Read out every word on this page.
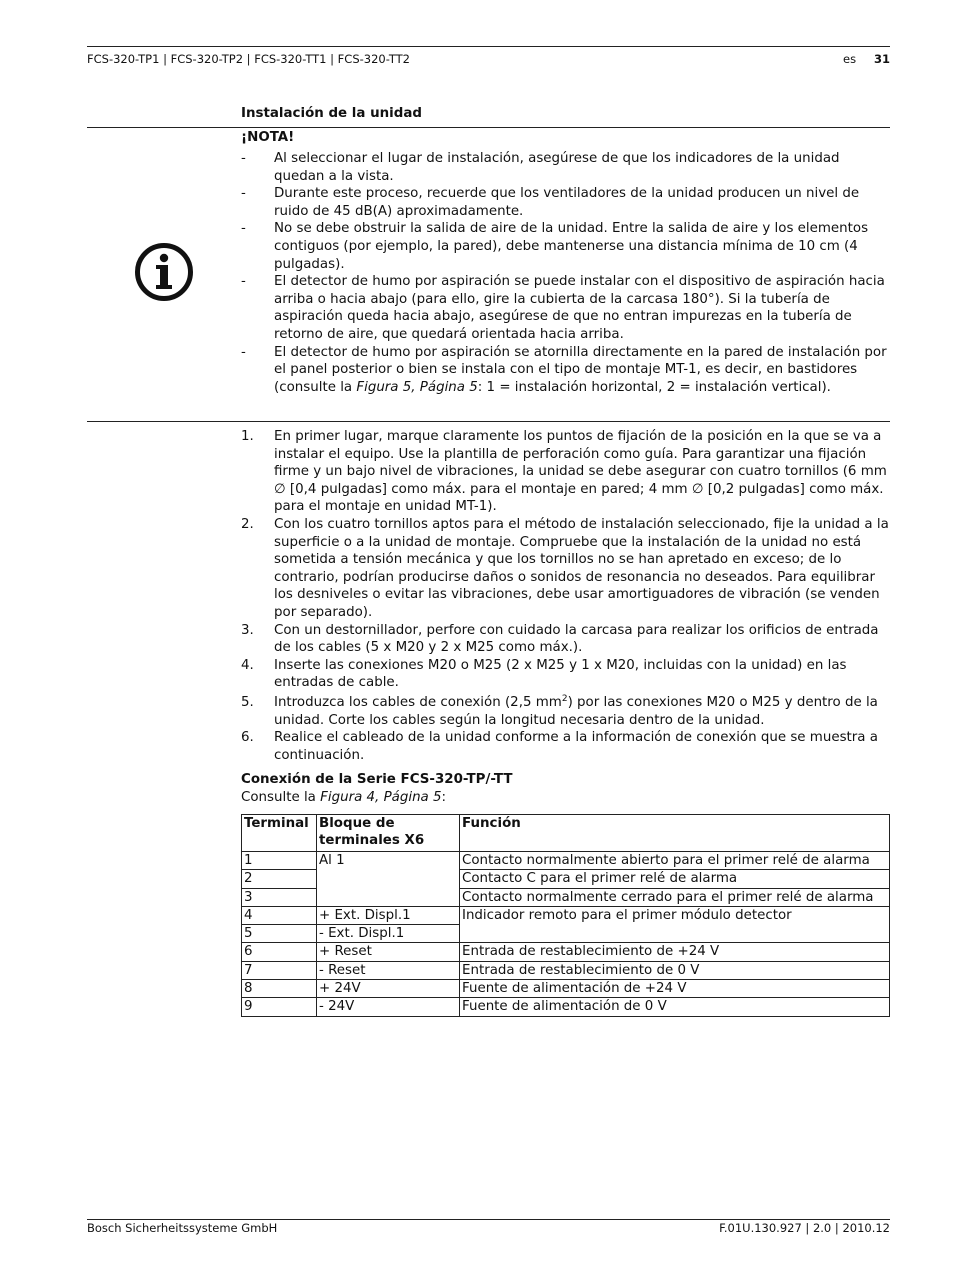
FCS-320-TP1 | FCS-320-TP2 | FCS-320-TT1 | FCS-320-TT2	es 31
Instalación de la unidad
¡NOTA!
- Al seleccionar el lugar de instalación, asegúrese de que los indicadores de la unidad quedan a la vista.
- Durante este proceso, recuerde que los ventiladores de la unidad producen un nivel de ruido de 45 dB(A) aproximadamente.
- No se debe obstruir la salida de aire de la unidad. Entre la salida de aire y los elementos contiguos (por ejemplo, la pared), debe mantenerse una distancia mínima de 10 cm (4 pulgadas).
- El detector de humo por aspiración se puede instalar con el dispositivo de aspiración hacia arriba o hacia abajo (para ello, gire la cubierta de la carcasa 180°). Si la tubería de aspiración queda hacia abajo, asegúrese de que no entran impurezas en la tubería de retorno de aire, que quedará orientada hacia arriba.
- El detector de humo por aspiración se atornilla directamente en la pared de instalación por el panel posterior o bien se instala con el tipo de montaje MT-1, es decir, en bastidores (consulte la Figura 5, Página 5: 1 = instalación horizontal, 2 = instalación vertical).
1. En primer lugar, marque claramente los puntos de fijación de la posición en la que se va a instalar el equipo. Use la plantilla de perforación como guía. Para garantizar una fijación firme y un bajo nivel de vibraciones, la unidad se debe asegurar con cuatro tornillos (6 mm ∅ [0,4 pulgadas] como máx. para el montaje en pared; 4 mm ∅ [0,2 pulgadas] como máx. para el montaje en unidad MT-1).
2. Con los cuatro tornillos aptos para el método de instalación seleccionado, fije la unidad a la superficie o a la unidad de montaje. Compruebe que la instalación de la unidad no está sometida a tensión mecánica y que los tornillos no se han apretado en exceso; de lo contrario, podrían producirse daños o sonidos de resonancia no deseados. Para equilibrar los desniveles o evitar las vibraciones, debe usar amortiguadores de vibración (se venden por separado).
3. Con un destornillador, perfore con cuidado la carcasa para realizar los orificios de entrada de los cables (5 x M20 y 2 x M25 como máx.).
4. Inserte las conexiones M20 o M25 (2 x M25 y 1 x M20, incluidas con la unidad) en las entradas de cable.
5. Introduzca los cables de conexión (2,5 $mm^2$) por las conexiones M20 o M25 y dentro de la unidad. Corte los cables según la longitud necesaria dentro de la unidad.
6. Realice el cableado de la unidad conforme a la información de conexión que se muestra a continuación.
Conexión de la Serie FCS-320-TP/-TT
Consulte la Figura 4, Página 5:
Terminal	Bloque de terminales X6	Función
1	Al 1	Contacto normalmente abierto para el primer relé de alarma
2		Contacto C para el primer relé de alarma
3		Contacto normalmente cerrado para el primer relé de alarma
4	+ Ext. Displ.1	Indicador remoto para el primer módulo detector
5	- Ext. Displ.1	
6	+ Reset	Entrada de restablecimiento de +24 V
7	- Reset	Entrada de restablecimiento de 0 V
8	+ 24V	Fuente de alimentación de +24 V
9	- 24V	Fuente de alimentación de 0 V
Bosch Sicherheitssysteme GmbH	F.01U.130.927 | 2.0 | 2010.12
